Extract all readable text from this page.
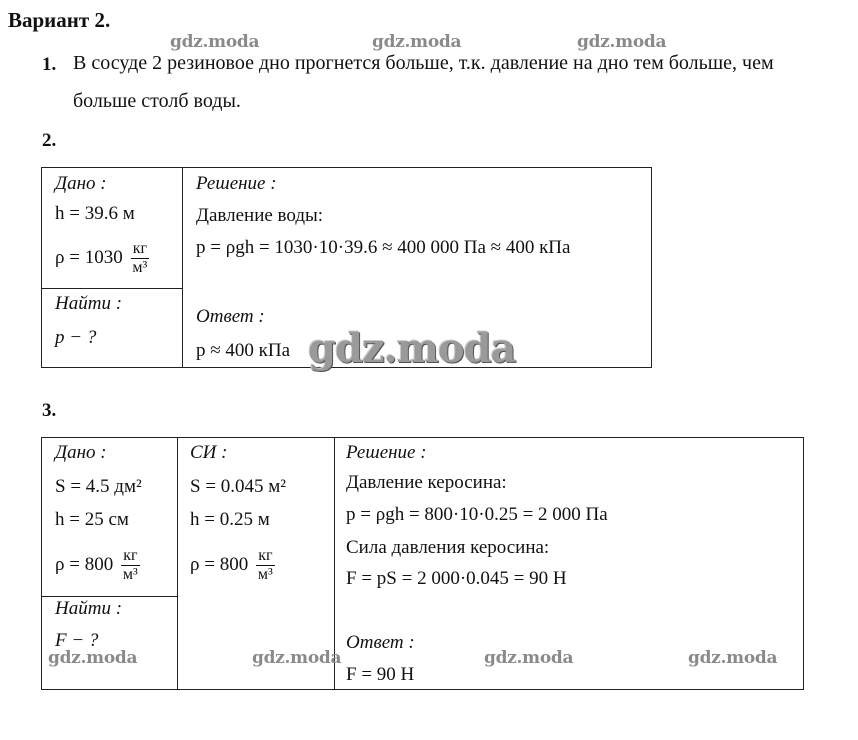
Вариант 2.
gdz.moda	gdz.moda	gdz.moda
1. В сосуде 2 резиновое дно прогнется больше, т.к. давление на дно тем больше, чем
больше столб воды.
2.
Дано :
h = 39.6 м
$\rho = 1030 \frac{кг}{\text{м³}}$
Найти :
p − ?
Решение :
Давление воды:
p = ρgh = 1030·10·39.6 ≈ 400 000 Па ≈ 400 кПа
Ответ :
p ≈ 400 кПа gdz.moda
3.
Дано :
S = 4.5 дм²
h = 25 см
$\rho = 800 \frac{кг}{\text{м³}}$
Найти :
F − ?
СИ :
S = 0.045 м²
h = 0.25 м
$\rho = 800 \frac{кг}{\text{м³}}$
Решение :
Давление керосина:
p = ρgh = 800·10·0.25 = 2 000 Па
Сила давления керосина:
F = pS = 2 000·0.045 = 90 Н
Ответ :
F = 90 Н
gdz.moda	gdz.moda	gdz.moda	gdz.moda
